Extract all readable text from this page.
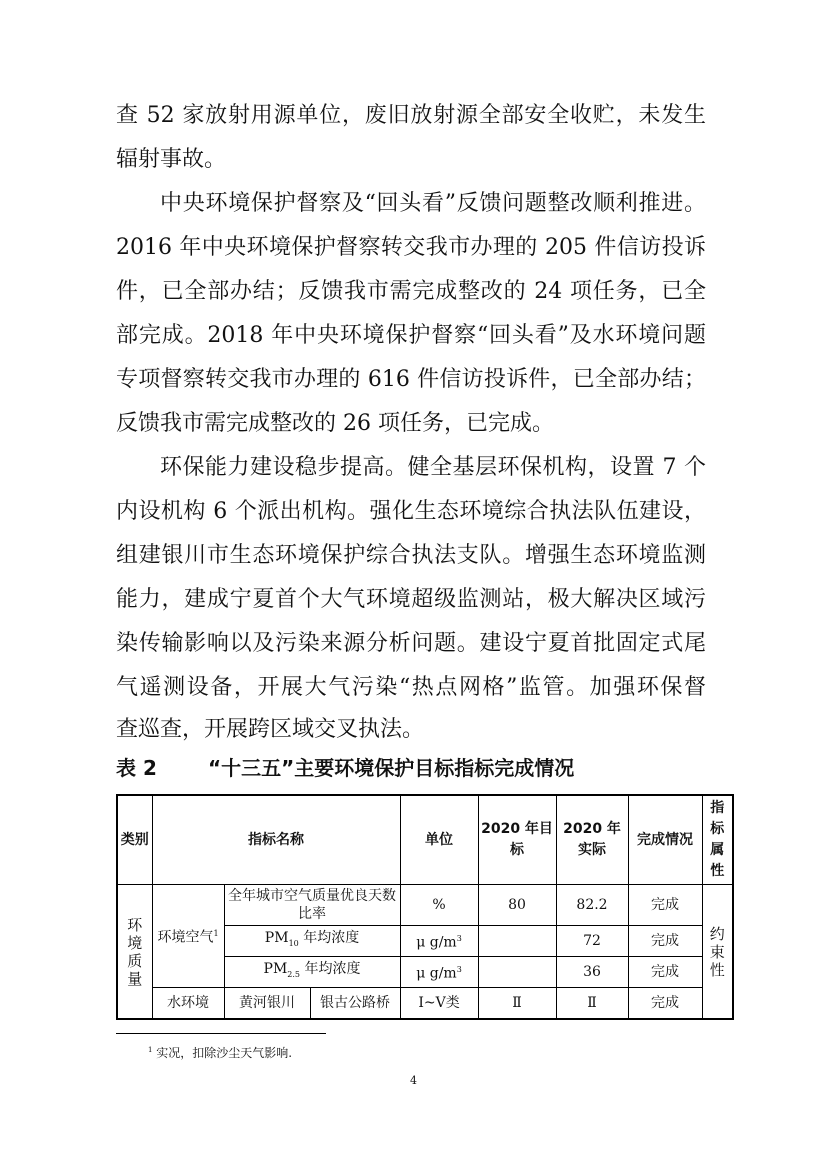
查 52 家放射用源单位，废旧放射源全部安全收贮，未发生
辐射事故。
中央环境保护督察及“回头看”反馈问题整改顺利推进。
2016 年中央环境保护督察转交我市办理的 205 件信访投诉
件，已全部办结；反馈我市需完成整改的 24 项任务，已全
部完成。2018 年中央环境保护督察“回头看”及水环境问题
专项督察转交我市办理的 616 件信访投诉件，已全部办结；
反馈我市需完成整改的 26 项任务，已完成。
环保能力建设稳步提高。健全基层环保机构，设置 7 个
内设机构 6 个派出机构。强化生态环境综合执法队伍建设，
组建银川市生态环境保护综合执法支队。增强生态环境监测
能力，建成宁夏首个大气环境超级监测站，极大解决区域污
染传输影响以及污染来源分析问题。建设宁夏首批固定式尾
气遥测设备，开展大气污染“热点网格”监管。加强环保督
查巡查，开展跨区域交叉执法。
表 2	“十三五”主要环境保护目标指标完成情况
类别	指标名称			单位	2020 年目标	2020 年实际	完成情况	指标属性
环境质量	环境空气$^1$	全年城市空气质量优良天数比率		%	80	82.2	完成	约束性
		$PM_{10}$ 年均浓度		μ $g/m^3$		72	完成	
		$PM_{2.5}$ 年均浓度		μ $g/m^3$		36	完成	
	水环境	黄河银川	银古公路桥	Ⅰ~Ⅴ类	Ⅱ	Ⅱ	完成	
$^1$ 实况，扣除沙尘天气影响.
4
